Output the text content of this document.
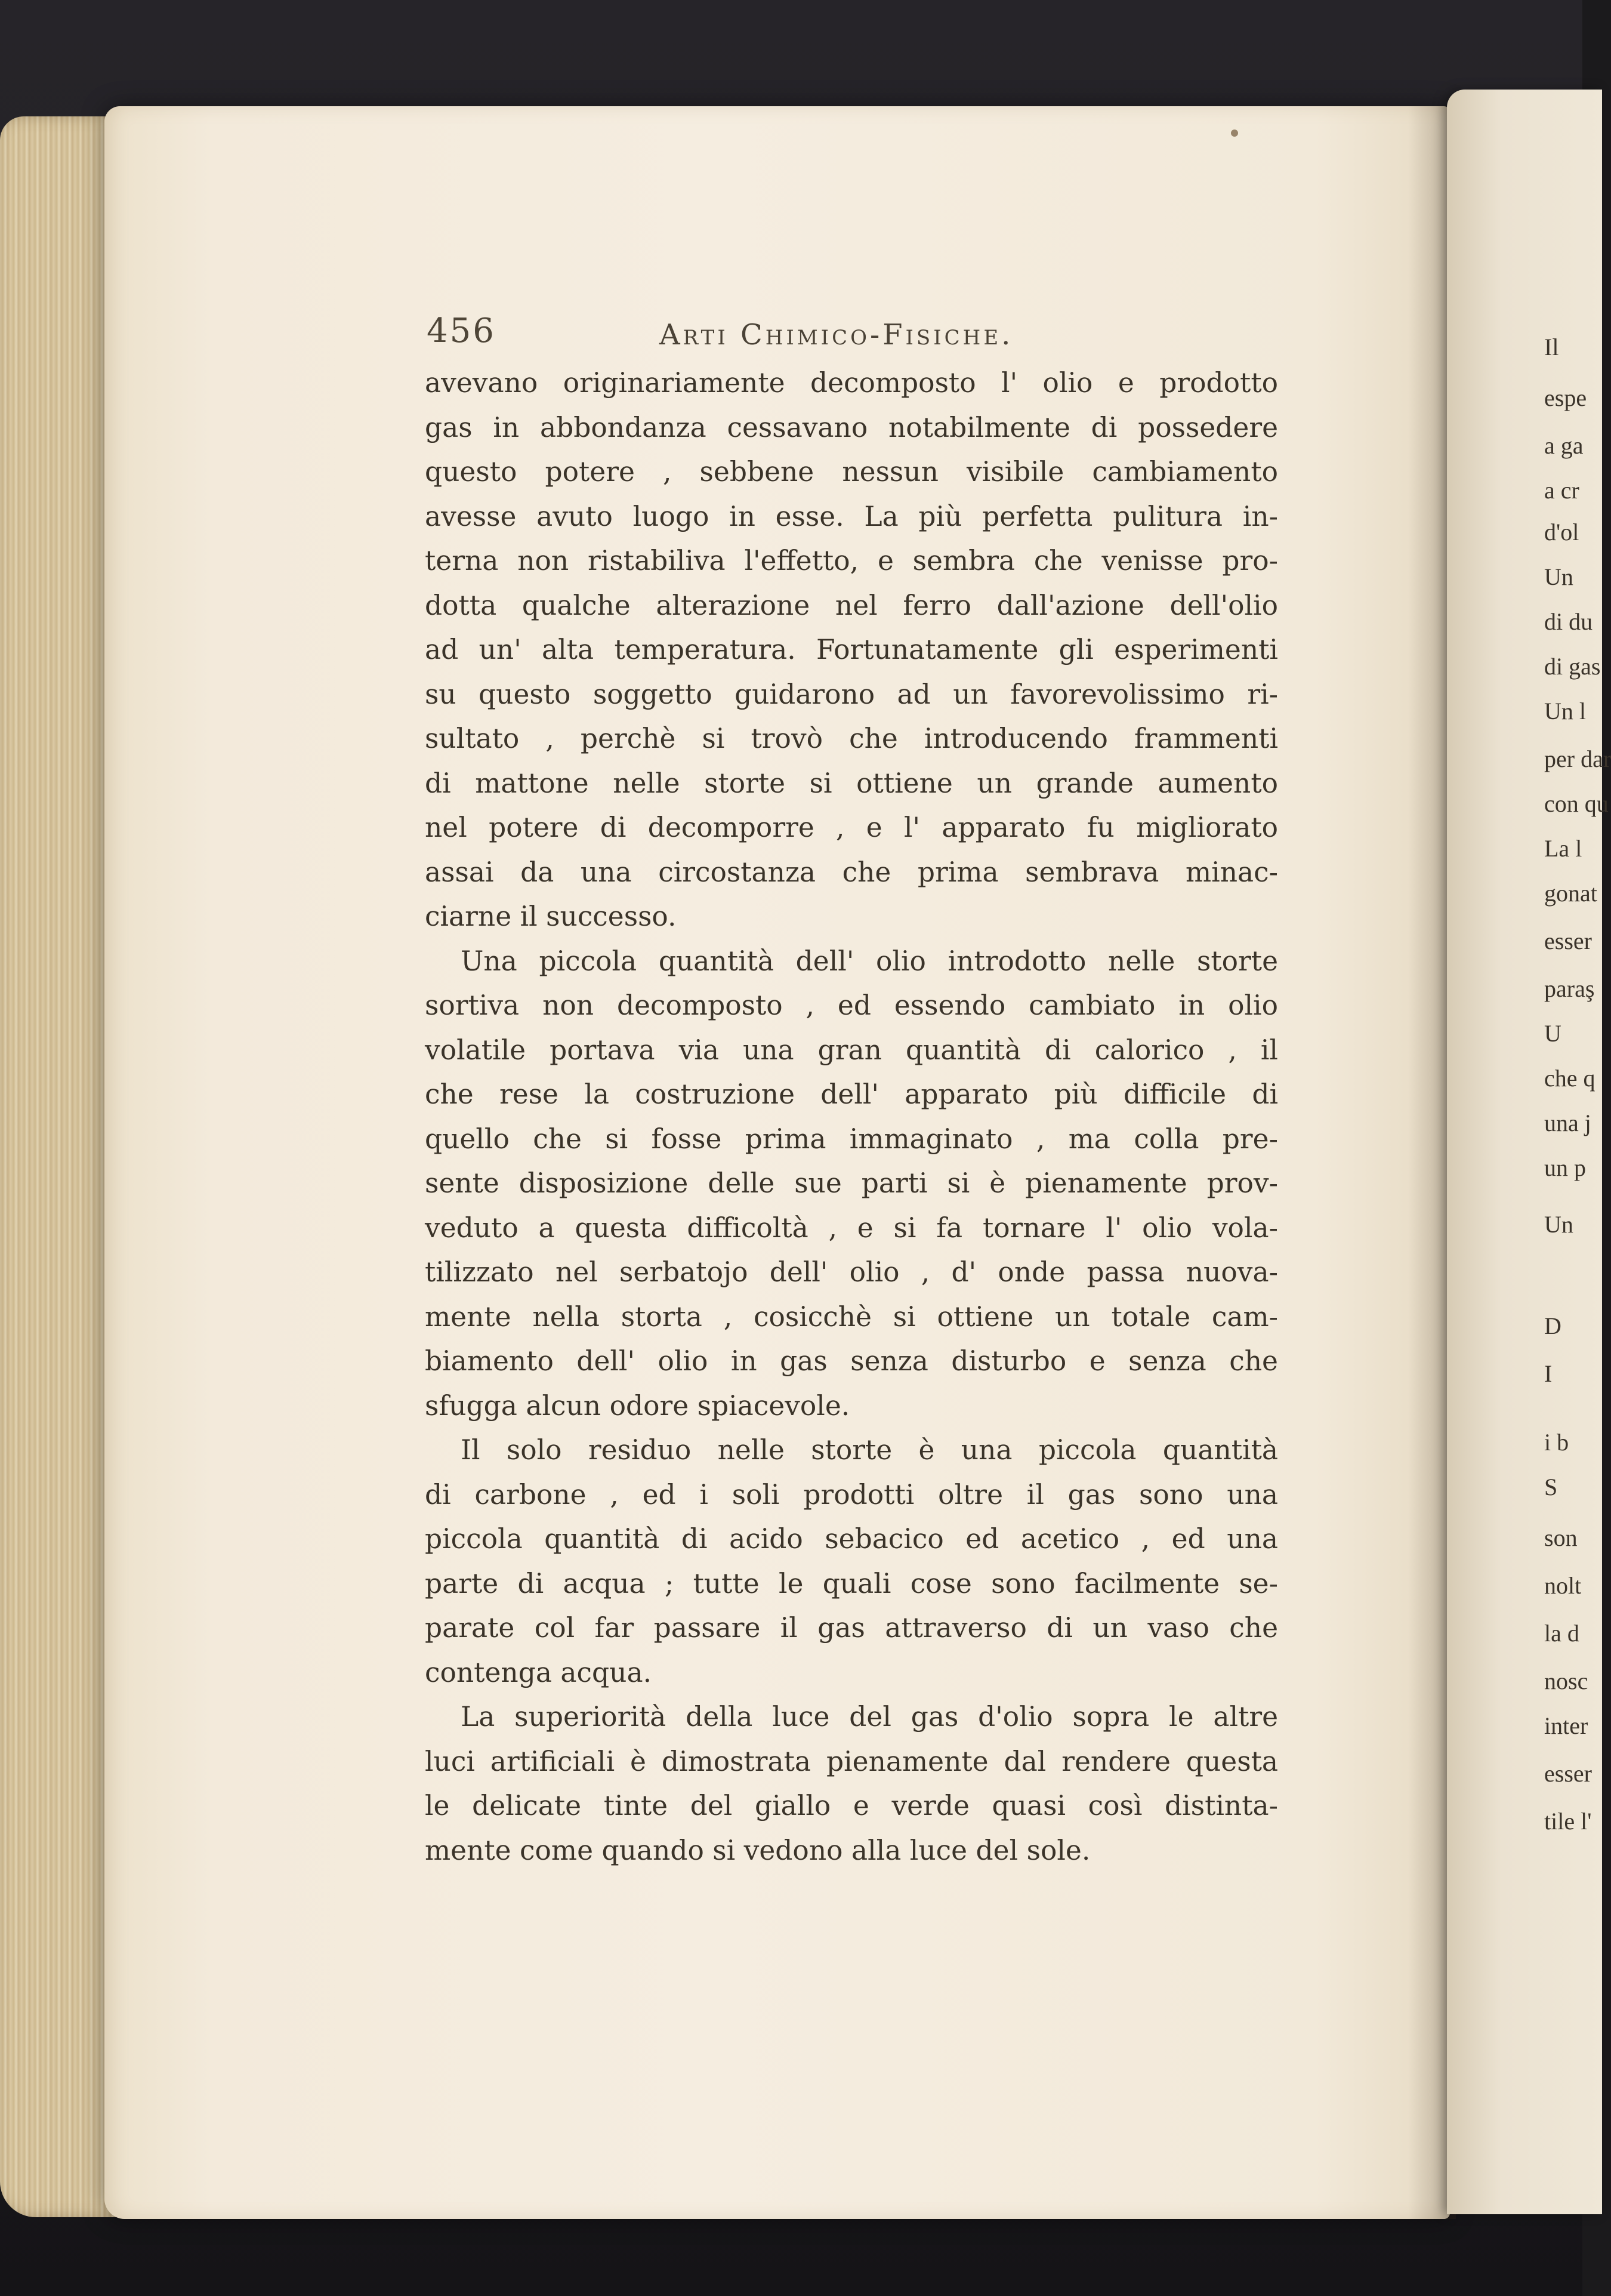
456	Arti Chimico-Fisiche.
avevano originariamente decomposto l' olio e prodotto
gas in abbondanza cessavano notabilmente di possedere
questo potere , sebbene nessun visibile cambiamento
avesse avuto luogo in esse. La più perfetta pulitura in-
terna non ristabiliva l'effetto, e sembra che venisse pro-
dotta qualche alterazione nel ferro dall'azione dell'olio
ad un' alta temperatura. Fortunatamente gli esperimenti
su questo soggetto guidarono ad un favorevolissimo ri-
sultato , perchè si trovò che introducendo frammenti
di mattone nelle storte si ottiene un grande aumento
nel potere di decomporre , e l' apparato fu migliorato
assai da una circostanza che prima sembrava minac-
ciarne il successo.
Una piccola quantità dell' olio introdotto nelle storte
sortiva non decomposto , ed essendo cambiato in olio
volatile portava via una gran quantità di calorico , il
che rese la costruzione dell' apparato più difficile di
quello che si fosse prima immaginato , ma colla pre-
sente disposizione delle sue parti si è pienamente prov-
veduto a questa difficoltà , e si fa tornare l' olio vola-
tilizzato nel serbatojo dell' olio , d' onde passa nuova-
mente nella storta , cosicchè si ottiene un totale cam-
biamento dell' olio in gas senza disturbo e senza che
sfugga alcun odore spiacevole.
Il solo residuo nelle storte è una piccola quantità
di carbone , ed i soli prodotti oltre il gas sono una
piccola quantità di acido sebacico ed acetico , ed una
parte di acqua ; tutte le quali cose sono facilmente se-
parate col far passare il gas attraverso di un vaso che
contenga acqua.
La superiorità della luce del gas d'olio sopra le altre
luci artificiali è dimostrata pienamente dal rendere questa
le delicate tinte del giallo e verde quasi così distinta-
mente come quando si vedono alla luce del sole.
Il
espe
a ga
a cr
d'ol
Un
di du
di gas
Un l
per dar
con qu
La l
gonat
esser
paraş
U
che q
una j
un p
Un
D
I
i b
S
son
nolt
la d
nosc
inter
esser
tile l'
